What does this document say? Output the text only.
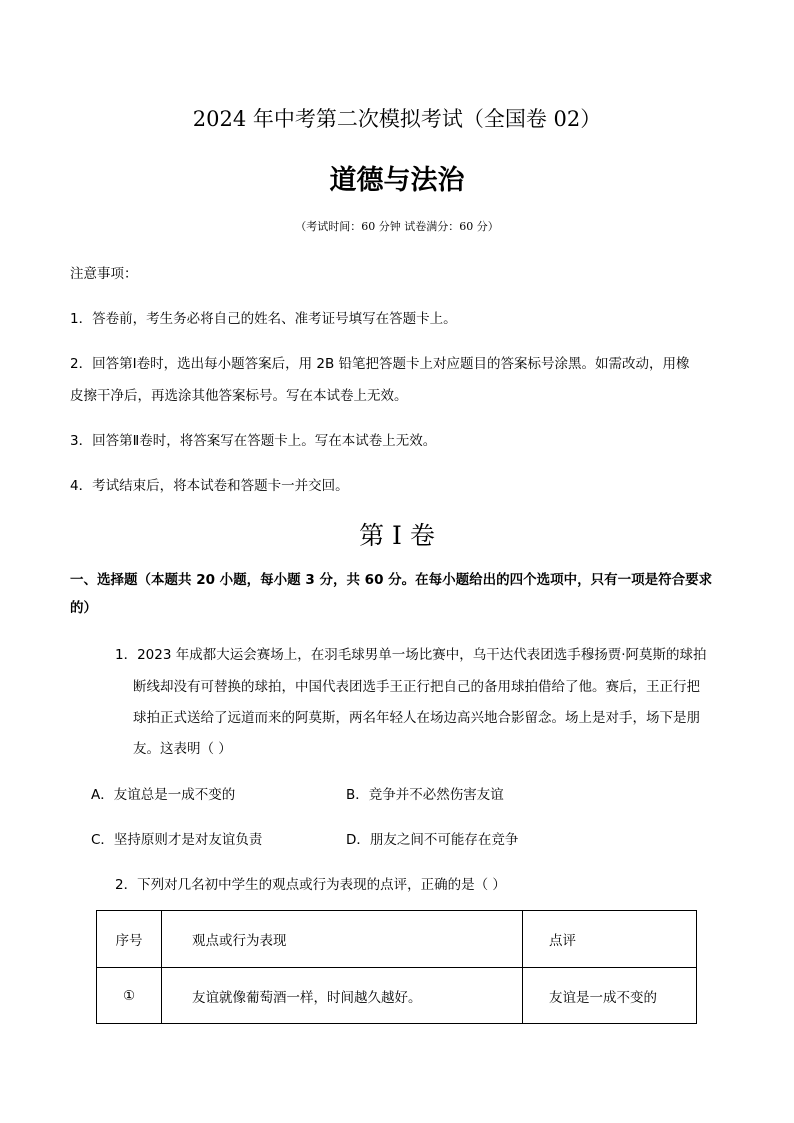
2024 年中考第二次模拟考试（全国卷 02）
道德与法治
（考试时间：60 分钟 试卷满分：60 分）
注意事项：
1．答卷前，考生务必将自己的姓名、准考证号填写在答题卡上。
2．回答第Ⅰ卷时，选出每小题答案后，用 2B 铅笔把答题卡上对应题目的答案标号涂黑。如需改动，用橡
皮擦干净后，再选涂其他答案标号。写在本试卷上无效。
3．回答第Ⅱ卷时，将答案写在答题卡上。写在本试卷上无效。
4．考试结束后，将本试卷和答题卡一并交回。
第 I 卷
一、选择题（本题共 20 小题，每小题 3 分，共 60 分。在每小题给出的四个选项中，只有一项是符合要求
的）
1．2023 年成都大运会赛场上，在羽毛球男单一场比赛中，乌干达代表团选手穆扬贾·阿莫斯的球拍
断线却没有可替换的球拍，中国代表团选手王正行把自己的备用球拍借给了他。赛后，王正行把
球拍正式送给了远道而来的阿莫斯，两名年轻人在场边高兴地合影留念。场上是对手，场下是朋
友。这表明（ ）
A．友谊总是一成不变的	B．竞争并不必然伤害友谊
C．坚持原则才是对友谊负责	D．朋友之间不可能存在竞争
2．下列对几名初中学生的观点或行为表现的点评，正确的是（ ）
序号	观点或行为表现	点评
①	友谊就像葡萄酒一样，时间越久越好。	友谊是一成不变的
